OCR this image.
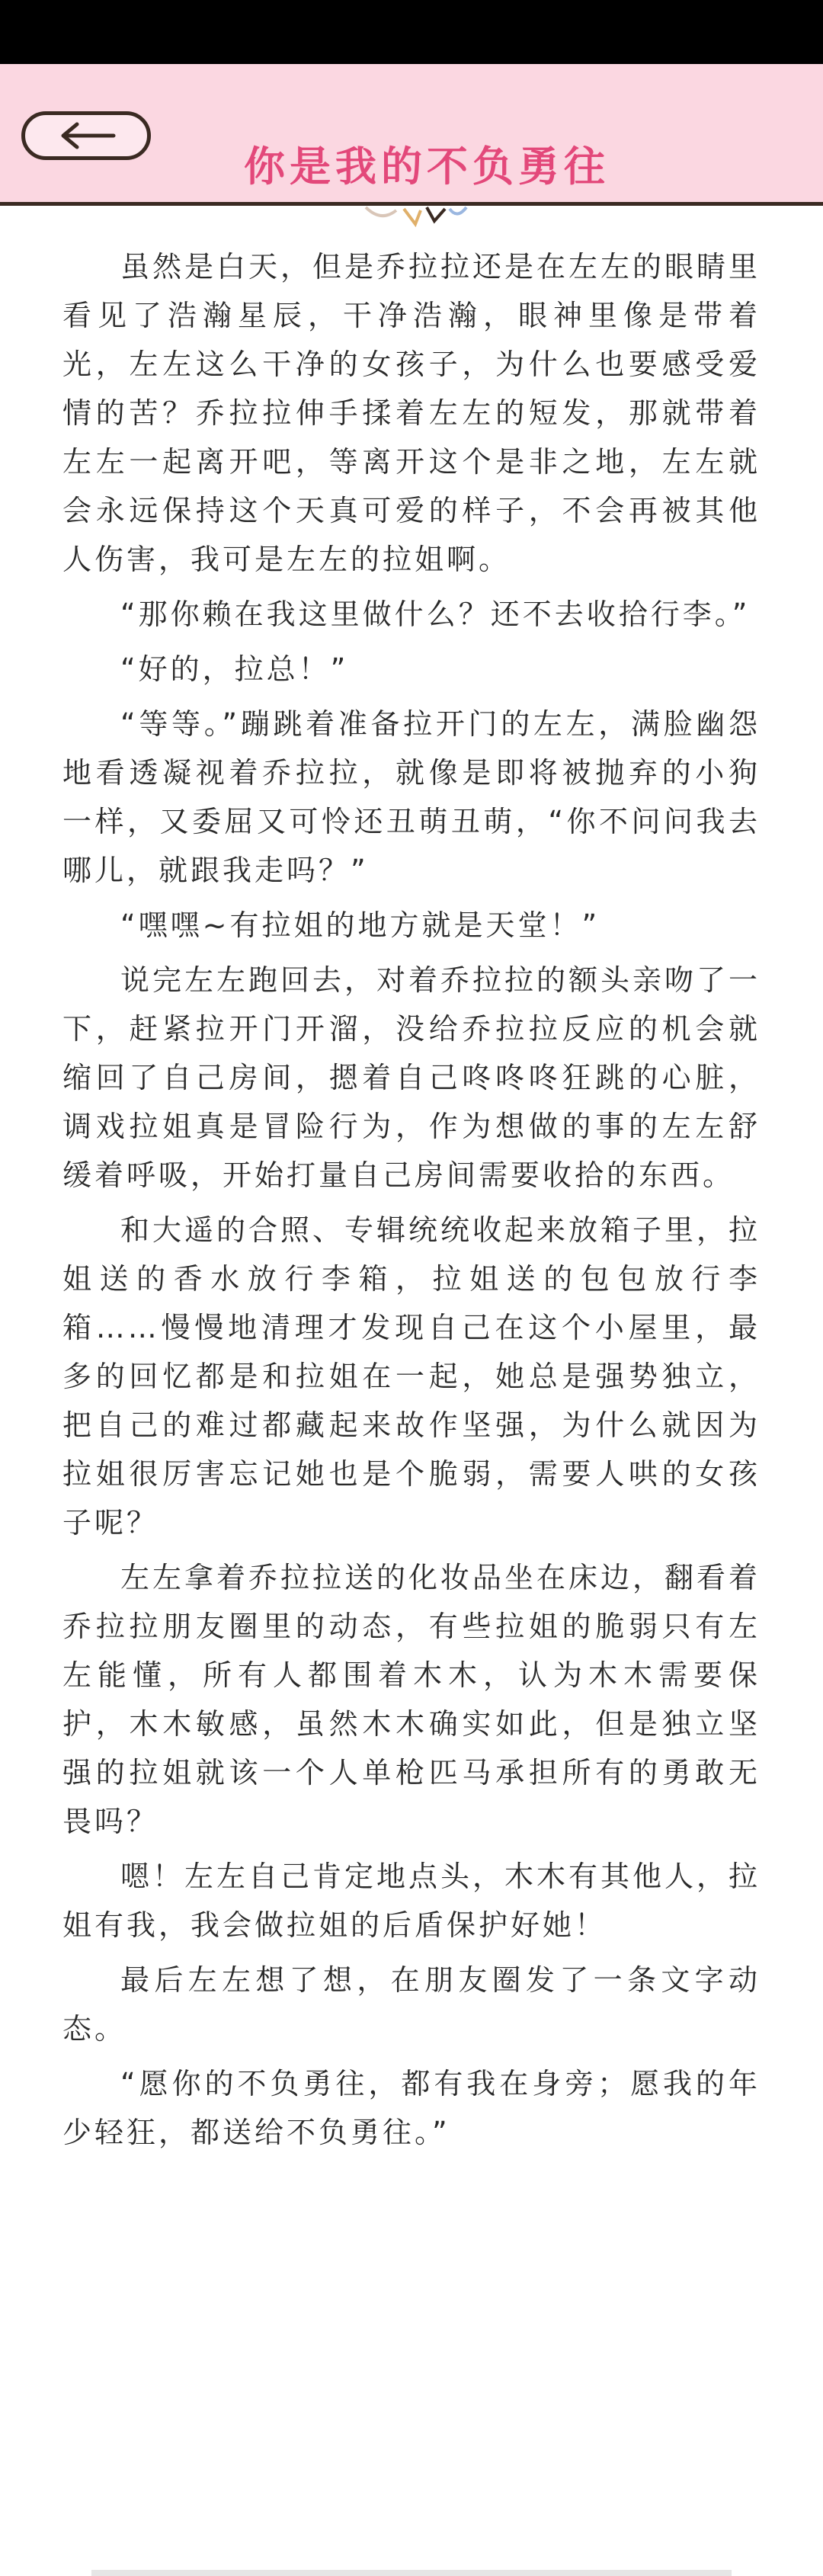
你是我的不负勇往

虽然是白天，但是乔拉拉还是在左左的眼睛里看见了浩瀚星辰，干净浩瀚，眼神里像是带着光，左左这么干净的女孩子，为什么也要感受爱情的苦？乔拉拉伸手揉着左左的短发，那就带着左左一起离开吧，等离开这个是非之地，左左就会永远保持这个天真可爱的样子，不会再被其他人伤害，我可是左左的拉姐啊。

“那你赖在我这里做什么？还不去收拾行李。”

“好的，拉总！”

“等等。”蹦跳着准备拉开门的左左，满脸幽怨地看透凝视着乔拉拉，就像是即将被抛弃的小狗一样，又委屈又可怜还丑萌丑萌，“你不问问我去哪儿，就跟我走吗？”

“嘿嘿~有拉姐的地方就是天堂！”

说完左左跑回去，对着乔拉拉的额头亲吻了一下，赶紧拉开门开溜，没给乔拉拉反应的机会就缩回了自己房间，摁着自己咚咚咚狂跳的心脏，调戏拉姐真是冒险行为，作为想做的事的左左舒缓着呼吸，开始打量自己房间需要收拾的东西。

和大遥的合照、专辑统统收起来放箱子里，拉姐送的香水放行李箱，拉姐送的包包放行李箱……慢慢地清理才发现自己在这个小屋里，最多的回忆都是和拉姐在一起，她总是强势独立，把自己的难过都藏起来故作坚强，为什么就因为拉姐很厉害忘记她也是个脆弱，需要人哄的女孩子呢？

左左拿着乔拉拉送的化妆品坐在床边，翻看着乔拉拉朋友圈里的动态，有些拉姐的脆弱只有左左能懂，所有人都围着木木，认为木木需要保护，木木敏感，虽然木木确实如此，但是独立坚强的拉姐就该一个人单枪匹马承担所有的勇敢无畏吗？

嗯！左左自己肯定地点头，木木有其他人，拉姐有我，我会做拉姐的后盾保护好她！

最后左左想了想，在朋友圈发了一条文字动态。

“愿你的不负勇往，都有我在身旁；愿我的年少轻狂，都送给不负勇往。”
